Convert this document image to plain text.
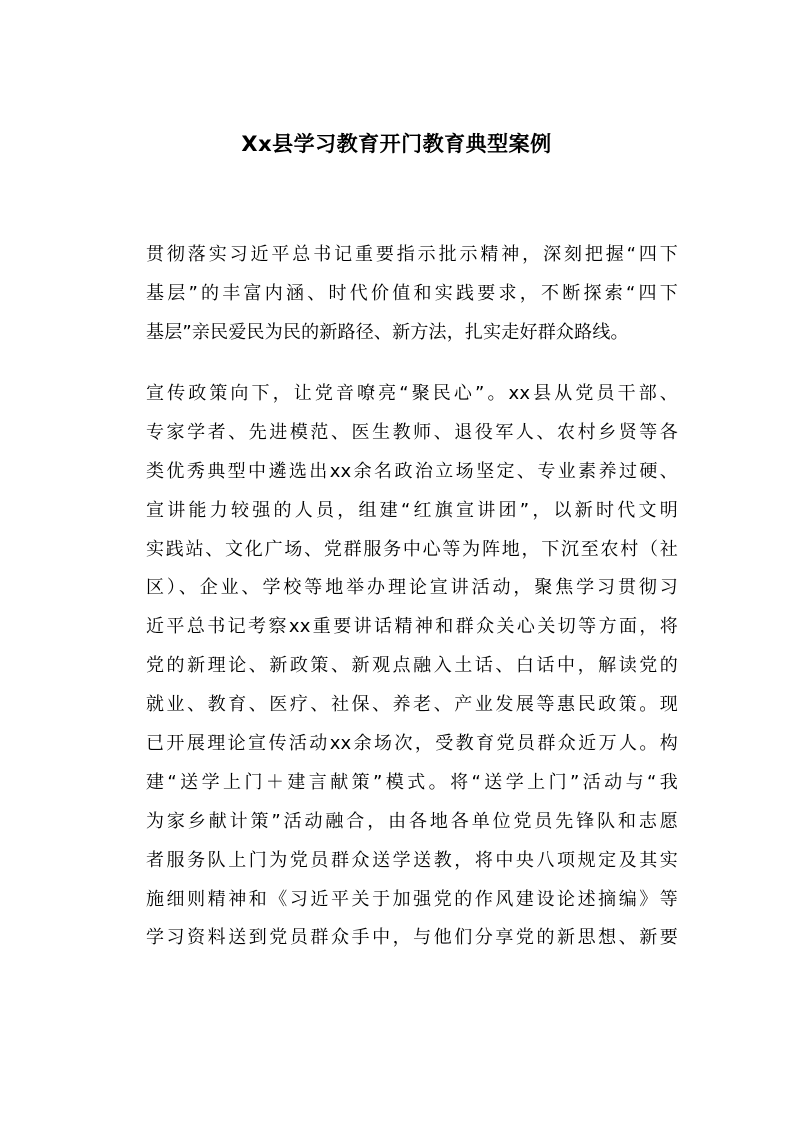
Xx县学习教育开门教育典型案例
贯彻落实习近平总书记重要指示批示精神，深刻把握“四下
基层”的丰富内涵、时代价值和实践要求，不断探索“四下
基层”亲民爱民为民的新路径、新方法，扎实走好群众路线。
宣传政策向下，让党音嘹亮“聚民心”。xx县从党员干部、
专家学者、先进模范、医生教师、退役军人、农村乡贤等各
类优秀典型中遴选出xx余名政治立场坚定、专业素养过硬、
宣讲能力较强的人员，组建“红旗宣讲团”，以新时代文明
实践站、文化广场、党群服务中心等为阵地，下沉至农村（社
区）、企业、学校等地举办理论宣讲活动，聚焦学习贯彻习
近平总书记考察xx重要讲话精神和群众关心关切等方面，将
党的新理论、新政策、新观点融入土话、白话中，解读党的
就业、教育、医疗、社保、养老、产业发展等惠民政策。现
已开展理论宣传活动xx余场次，受教育党员群众近万人。构
建“送学上门＋建言献策”模式。将“送学上门”活动与“我
为家乡献计策”活动融合，由各地各单位党员先锋队和志愿
者服务队上门为党员群众送学送教，将中央八项规定及其实
施细则精神和《习近平关于加强党的作风建设论述摘编》等
学习资料送到党员群众手中，与他们分享党的新思想、新要
